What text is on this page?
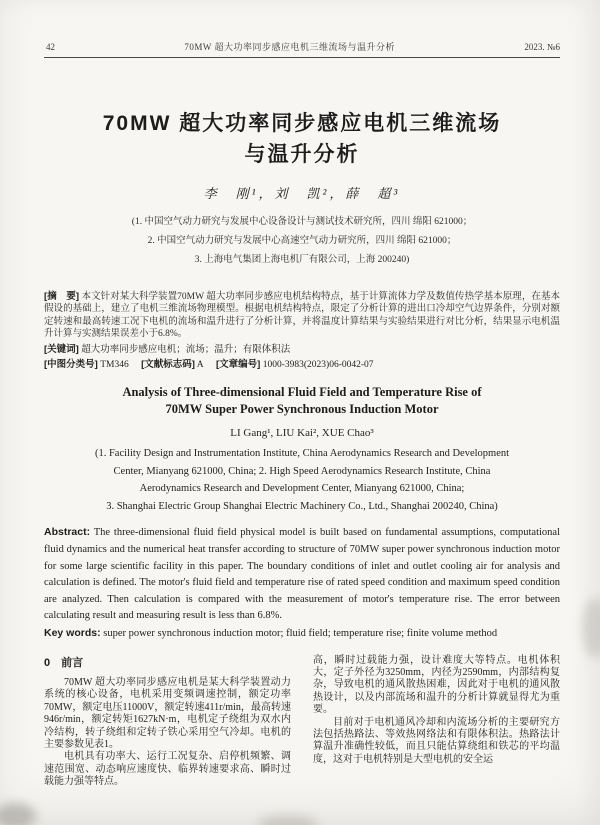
42	70MW 超大功率同步感应电机三维流场与温升分析	2023. №6
70MW 超大功率同步感应电机三维流场
与温升分析
李　刚¹，刘　凯²，薛　超³
(1. 中国空气动力研究与发展中心设备设计与测试技术研究所，四川 绵阳 621000；
2. 中国空气动力研究与发展中心高速空气动力研究所，四川 绵阳 621000；
3. 上海电气集团上海电机厂有限公司，上海 200240)

[摘　要] 本文针对某大科学装置70MW 超大功率同步感应电机结构特点，基于计算流体力学及数值传热学基本原理，在基本假设的基础上，建立了电机三维流场物理模型。根据电机结构特点，限定了分析计算的进出口冷却空气边界条件，分别对额定转速和最高转速工况下电机的流场和温升进行了分析计算，并将温度计算结果与实验结果进行对比分析，结果显示电机温升计算与实测结果误差小于6.8%。

[关键词] 超大功率同步感应电机；流场；温升；有限体积法

[中图分类号] TM346 [文献标志码] A [文章编号] 1000-3983(2023)06-0042-07

Analysis of Three-dimensional Fluid Field and Temperature Rise of
70MW Super Power Synchronous Induction Motor
LI Gang¹, LIU Kai², XUE Chao³
(1. Facility Design and Instrumentation Institute, China Aerodynamics Research and Development
Center, Mianyang 621000, China; 2. High Speed Aerodynamics Research Institute, China
Aerodynamics Research and Development Center, Mianyang 621000, China;
3. Shanghai Electric Group Shanghai Electric Machinery Co., Ltd., Shanghai 200240, China)

Abstract: The three-dimensional fluid field physical model is built based on fundamental assumptions, computational fluid dynamics and the numerical heat transfer according to structure of 70MW super power synchronous induction motor for some large scientific facility in this paper. The boundary conditions of inlet and outlet cooling air for analysis and calculation is defined. The motor's fluid field and temperature rise of rated speed condition and maximum speed condition are analyzed. Then calculation is compared with the measurement of motor's temperature rise. The error between calculating result and measuring result is less than 6.8%.

Key words: super power synchronous induction motor; fluid field; temperature rise; finite volume method

0　前言

70MW 超大功率同步感应电机是某大科学装置动力系统的核心设备，电机采用变频调速控制，额定功率70MW，额定电压11000V，额定转速411r/min，最高转速946r/min，额定转矩1627kN·m，电机定子绕组为双水内冷结构，转子绕组和定转子铁心采用空气冷却。电机的主要参数见表1。

电机具有功率大、运行工况复杂、启停机频繁、调速范围宽、动态响应速度快、临界转速要求高、瞬时过载能力强等特点。

高，瞬时过载能力强，设计难度大等特点。电机体积大，定子外径为3250mm，内径为2590mm，内部结构复杂，导致电机的通风散热困难，因此对于电机的通风散热设计，以及内部流场和温升的分析计算就显得尤为重要。

目前对于电机通风冷却和内流场分析的主要研究方法包括热路法、等效热网络法和有限体积法。热路法计算温升准确性较低，而且只能估算绕组和铁芯的平均温度，这对于电机特别是大型电机的安全运
